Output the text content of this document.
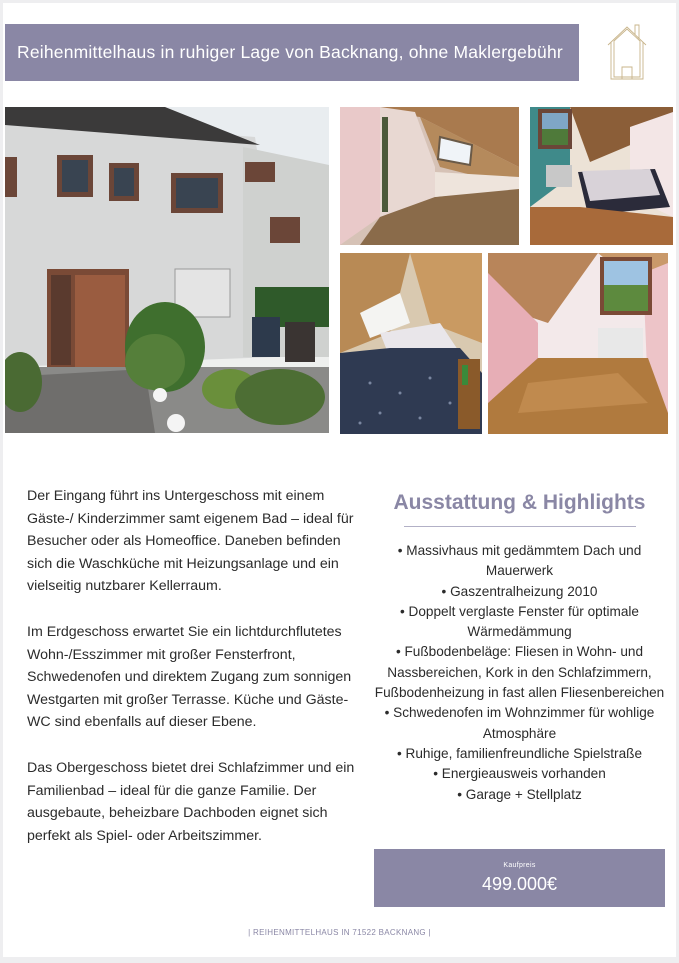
Reihenmittelhaus in ruhiger Lage von Backnang, ohne Maklergebühr

Der Eingang führt ins Untergeschoss mit einem Gäste-/ Kinderzimmer samt eigenem Bad – ideal für Besucher oder als Homeoffice. Daneben befinden sich die Waschküche mit Heizungsanlage und ein vielseitig nutzbarer Kellerraum.

Im Erdgeschoss erwartet Sie ein lichtdurchflutetes Wohn-/Esszimmer mit großer Fensterfront, Schwedenofen und direktem Zugang zum sonnigen Westgarten mit großer Terrasse. Küche und Gäste-WC sind ebenfalls auf dieser Ebene.

Das Obergeschoss bietet drei Schlafzimmer und ein Familienbad – ideal für die ganze Familie. Der ausgebaute, beheizbare Dachboden eignet sich perfekt als Spiel- oder Arbeitszimmer.

Ausstattung & Highlights
• Massivhaus mit gedämmtem Dach und Mauerwerk
• Gaszentralheizung 2010
• Doppelt verglaste Fenster für optimale Wärmedämmung
• Fußbodenbeläge: Fliesen in Wohn- und Nassbereichen, Kork in den Schlafzimmern, Fußbodenheizung in fast allen Fliesenbereichen
• Schwedenofen im Wohnzimmer für wohlige Atmosphäre
• Ruhige, familienfreundliche Spielstraße
• Energieausweis vorhanden
• Garage + Stellplatz
Kaufpreis
499.000€
| REIHENMITTELHAUS IN 71522 BACKNANG |
